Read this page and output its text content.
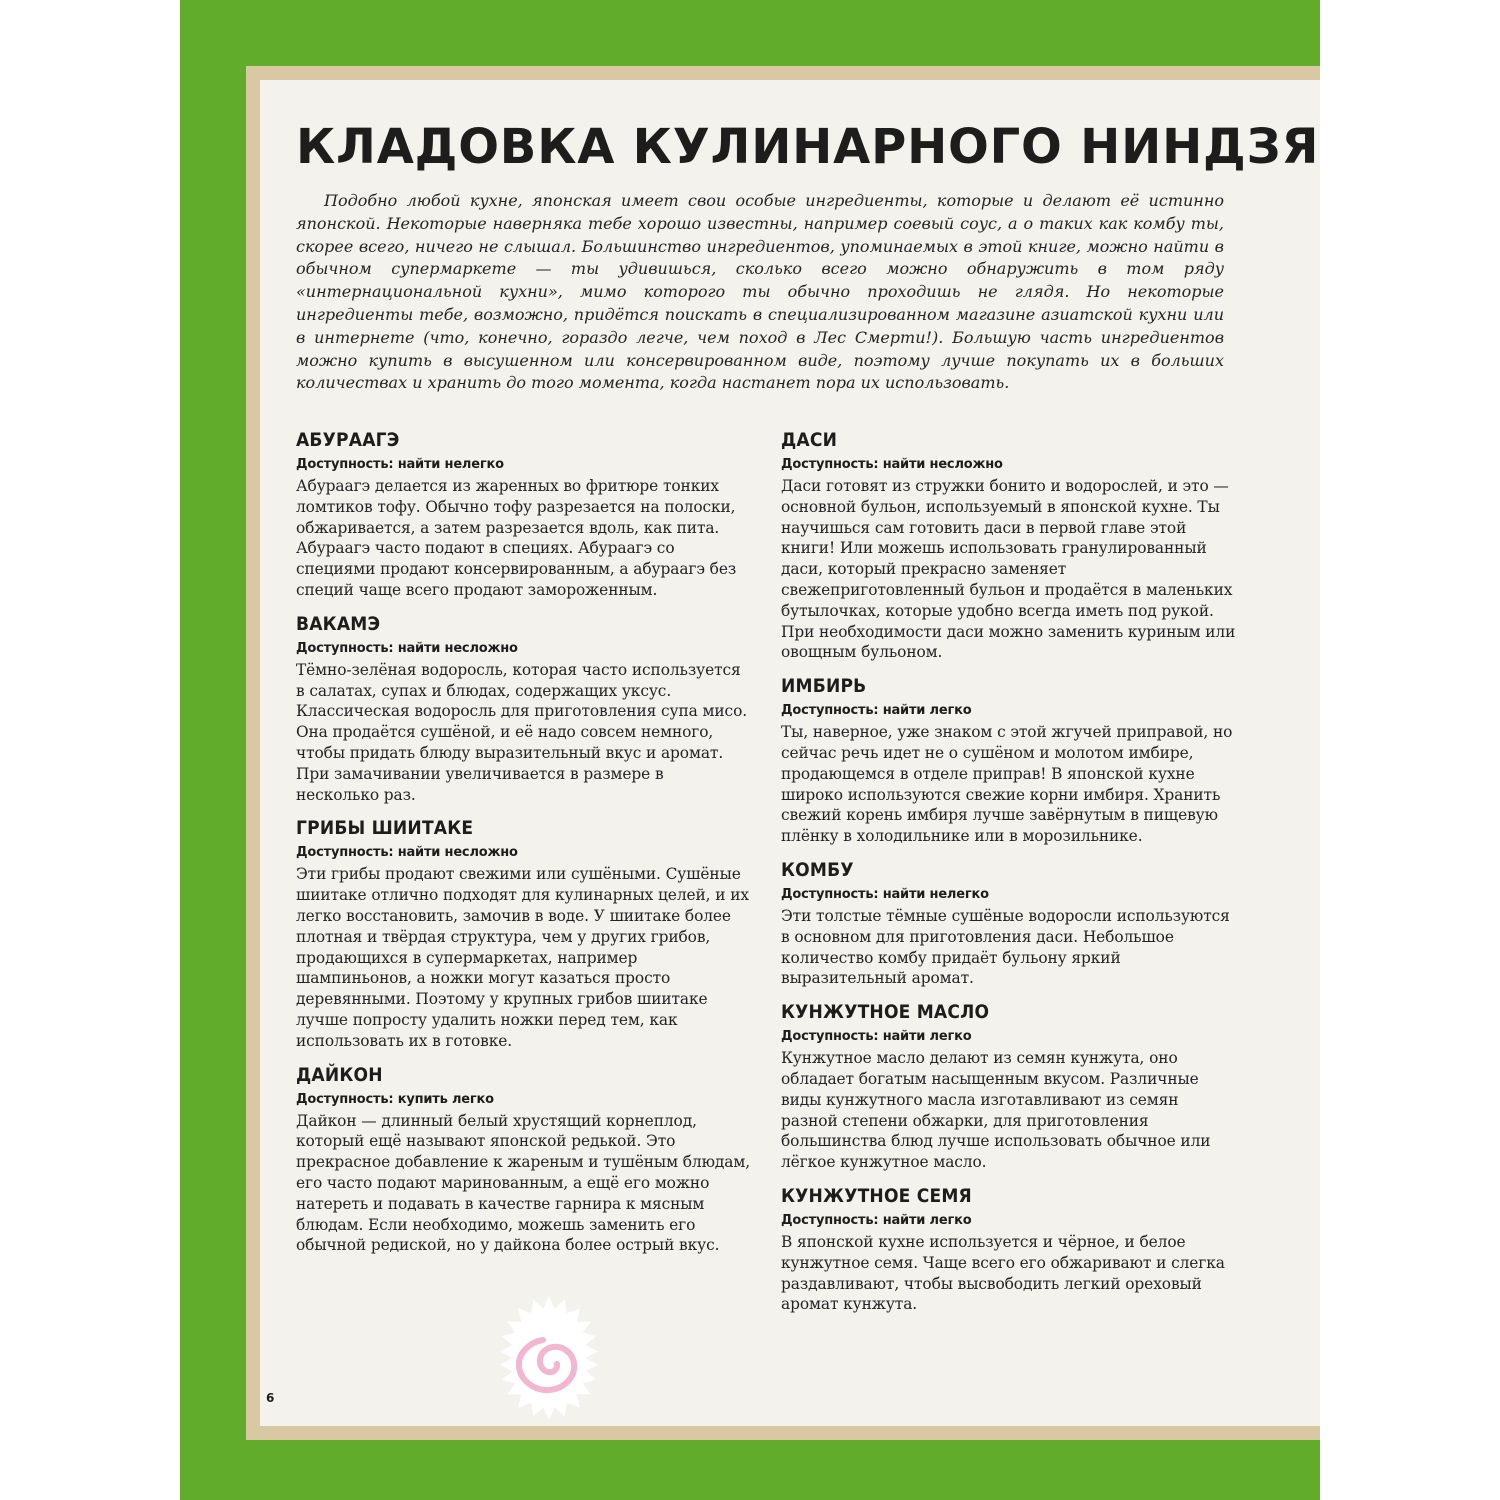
КЛАДОВКА КУЛИНАРНОГО НИНДЗЯ

Подобно любой кухне, японская имеет свои особые ингредиенты, которые и делают её истинно японской. Некоторые наверняка тебе хорошо известны, например соевый соус, а о таких как комбу ты, скорее всего, ничего не слышал. Большинство ингредиентов, упоминаемых в этой книге, можно найти в обычном супермаркете — ты удивишься, сколько всего можно обнаружить в том ряду «интернациональной кухни», мимо которого ты обычно проходишь не глядя. Но некоторые ингредиенты тебе, возможно, придётся поискать в специализированном магазине азиатской кухни или в интернете (что, конечно, гораздо легче, чем поход в Лес Смерти!). Большую часть ингредиентов можно купить в высушенном или консервированном виде, поэтому лучше покупать их в больших количествах и хранить до того момента, когда настанет пора их использовать.

АБУРААГЭ

Доступность: найти нелегко

Абураагэ делается из жаренных во фритюре тонких ломтиков тофу. Обычно тофу разрезается на полоски, обжаривается, а затем разрезается вдоль, как пита. Абураагэ часто подают в специях. Абураагэ со специями продают консервированным, а абураагэ без специй чаще всего продают замороженным.

ВАКАМЭ

Доступность: найти несложно

Тёмно-зелёная водоросль, которая часто используется в салатах, супах и блюдах, содержащих уксус. Классическая водоросль для приготовления супа мисо. Она продаётся сушёной, и её надо совсем немного, чтобы придать блюду выразительный вкус и аромат. При замачивании увеличивается в размере в несколько раз.

ГРИБЫ ШИИТАКЕ

Доступность: найти несложно

Эти грибы продают свежими или сушёными. Сушёные шиитаке отлично подходят для кулинарных целей, и их легко восстановить, замочив в воде. У шиитаке более плотная и твёрдая структура, чем у других грибов, продающихся в супермаркетах, например шампиньонов, а ножки могут казаться просто деревянными. Поэтому у крупных грибов шиитаке лучше попросту удалить ножки перед тем, как использовать их в готовке.

ДАЙКОН

Доступность: купить легко

Дайкон — длинный белый хрустящий корнеплод, который ещё называют японской редькой. Это прекрасное добавление к жареным и тушёным блюдам, его часто подают маринованным, а ещё его можно натереть и подавать в качестве гарнира к мясным блюдам. Если необходимо, можешь заменить его обычной редиской, но у дайкона более острый вкус.

ДАСИ

Доступность: найти несложно

Даси готовят из стружки бонито и водорослей, и это — основной бульон, используемый в японской кухне. Ты научишься сам готовить даси в первой главе этой книги! Или можешь использовать гранулированный даси, который прекрасно заменяет свежеприготовленный бульон и продаётся в маленьких бутылочках, которые удобно всегда иметь под рукой. При необходимости даси можно заменить куриным или овощным бульоном.

ИМБИРЬ

Доступность: найти легко

Ты, наверное, уже знаком с этой жгучей приправой, но сейчас речь идет не о сушёном и молотом имбире, продающемся в отделе приправ! В японской кухне широко используются свежие корни имбиря. Хранить свежий корень имбиря лучше завёрнутым в пищевую плёнку в холодильнике или в морозильнике.

КОМБУ

Доступность: найти нелегко

Эти толстые тёмные сушёные водоросли используются в основном для приготовления даси. Небольшое количество комбу придаёт бульону яркий выразительный аромат.

КУНЖУТНОЕ МАСЛО

Доступность: найти легко

Кунжутное масло делают из семян кунжута, оно обладает богатым насыщенным вкусом. Различные виды кунжутного масла изготавливают из семян разной степени обжарки, для приготовления большинства блюд лучше использовать обычное или лёгкое кунжутное масло.

КУНЖУТНОЕ СЕМЯ

Доступность: найти легко

В японской кухне используется и чёрное, и белое кунжутное семя. Чаще всего его обжаривают и слегка раздавливают, чтобы высвободить легкий ореховый аромат кунжута.

6
